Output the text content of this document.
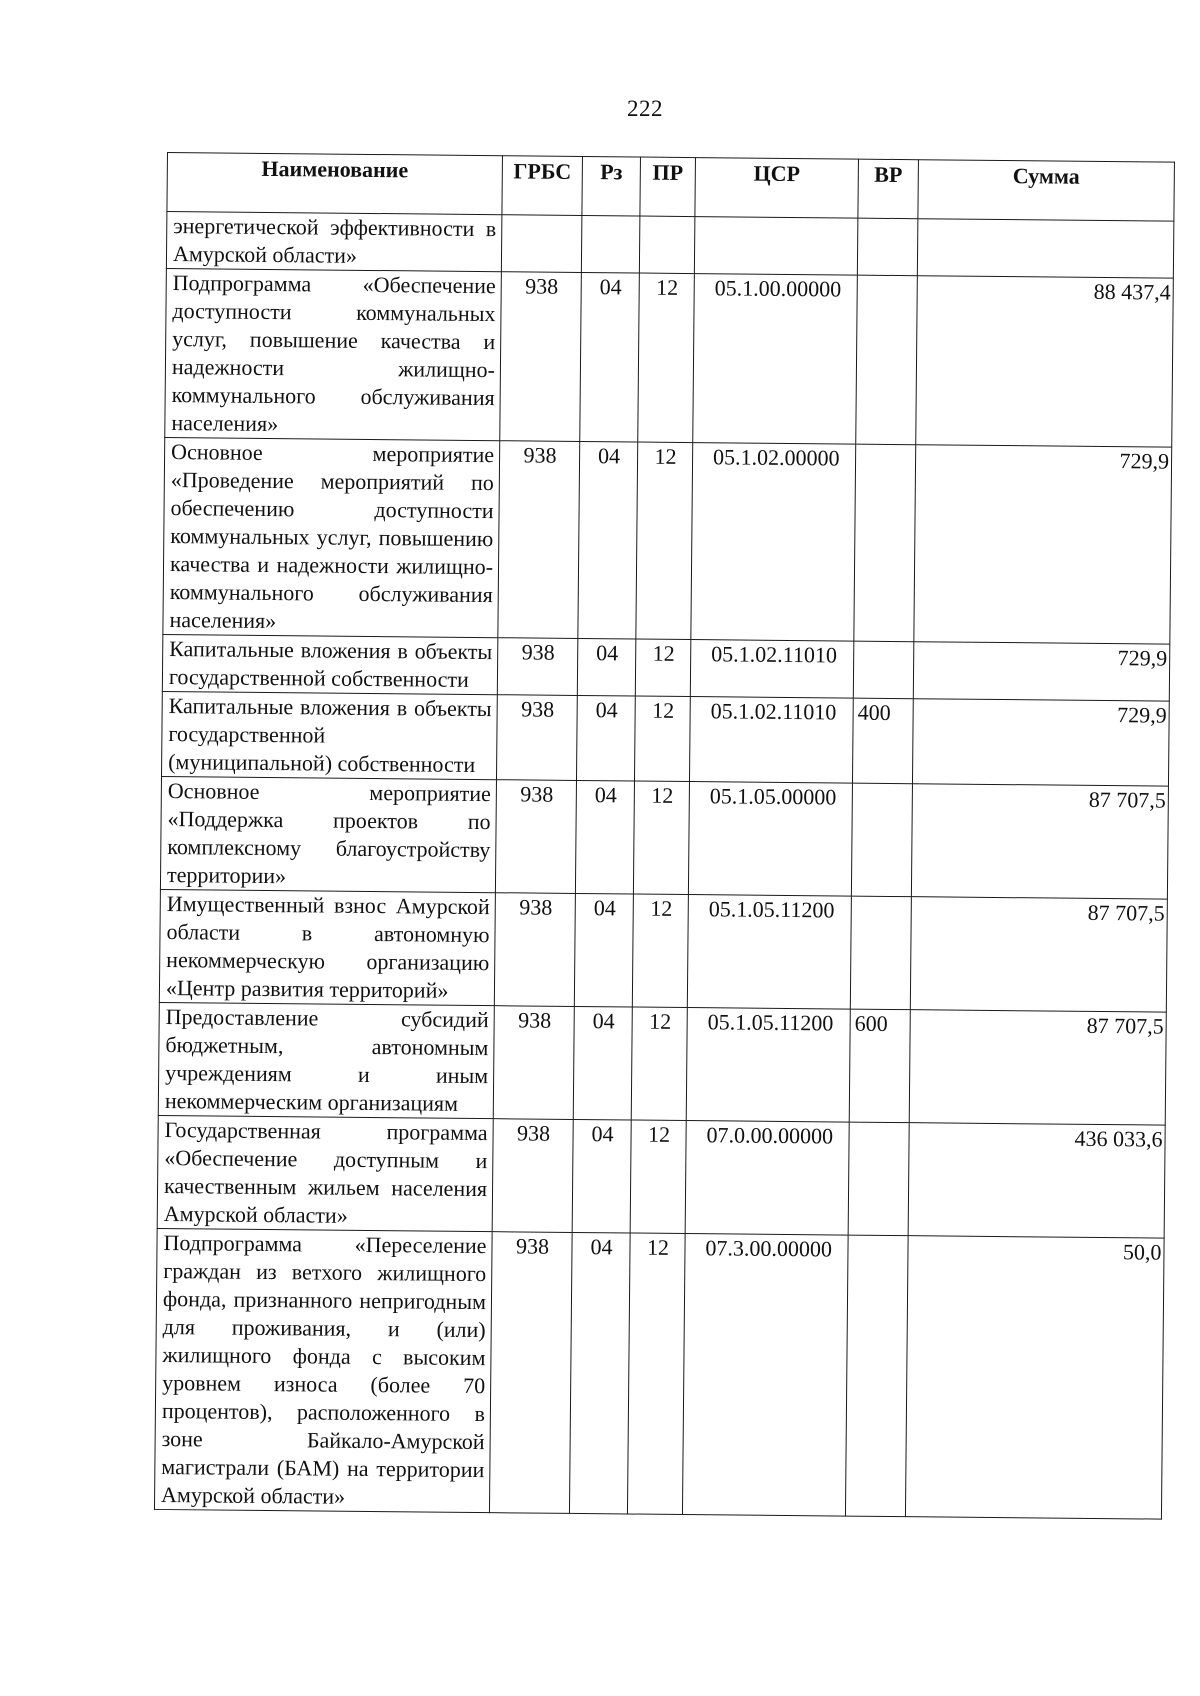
222
Наименование	ГРБС	Рз	ПР	ЦСР	ВР	Сумма
энергетической эффективности в Амурской области»						
Подпрограмма «Обеспечение доступности коммунальных услуг, повышение качества и надежности жилищно-коммунального обслуживания населения»	938	04	12	05.1.00.00000		88 437,4
Основное мероприятие «Проведение мероприятий по обеспечению доступности коммунальных услуг, повышению качества и надежности жилищно-коммунального обслуживания населения»	938	04	12	05.1.02.00000		729,9
Капитальные вложения в объекты государственной собственности	938	04	12	05.1.02.11010		729,9
Капитальные вложения в объекты государственной (муниципальной) собственности	938	04	12	05.1.02.11010	400	729,9
Основное мероприятие «Поддержка проектов по комплексному благоустройству территории»	938	04	12	05.1.05.00000		87 707,5
Имущественный взнос Амурской области в автономную некоммерческую организацию «Центр развития территорий»	938	04	12	05.1.05.11200		87 707,5
Предоставление субсидий бюджетным, автономным учреждениям и иным некоммерческим организациям	938	04	12	05.1.05.11200	600	87 707,5
Государственная программа «Обеспечение доступным и качественным жильем населения Амурской области»	938	04	12	07.0.00.00000		436 033,6
Подпрограмма «Переселение граждан из ветхого жилищного фонда, признанного непригодным для проживания, и (или) жилищного фонда с высоким уровнем износа (более 70 процентов), расположенного в зоне Байкало-Амурской магистрали (БАМ) на территории Амурской области»	938	04	12	07.3.00.00000		50,0
